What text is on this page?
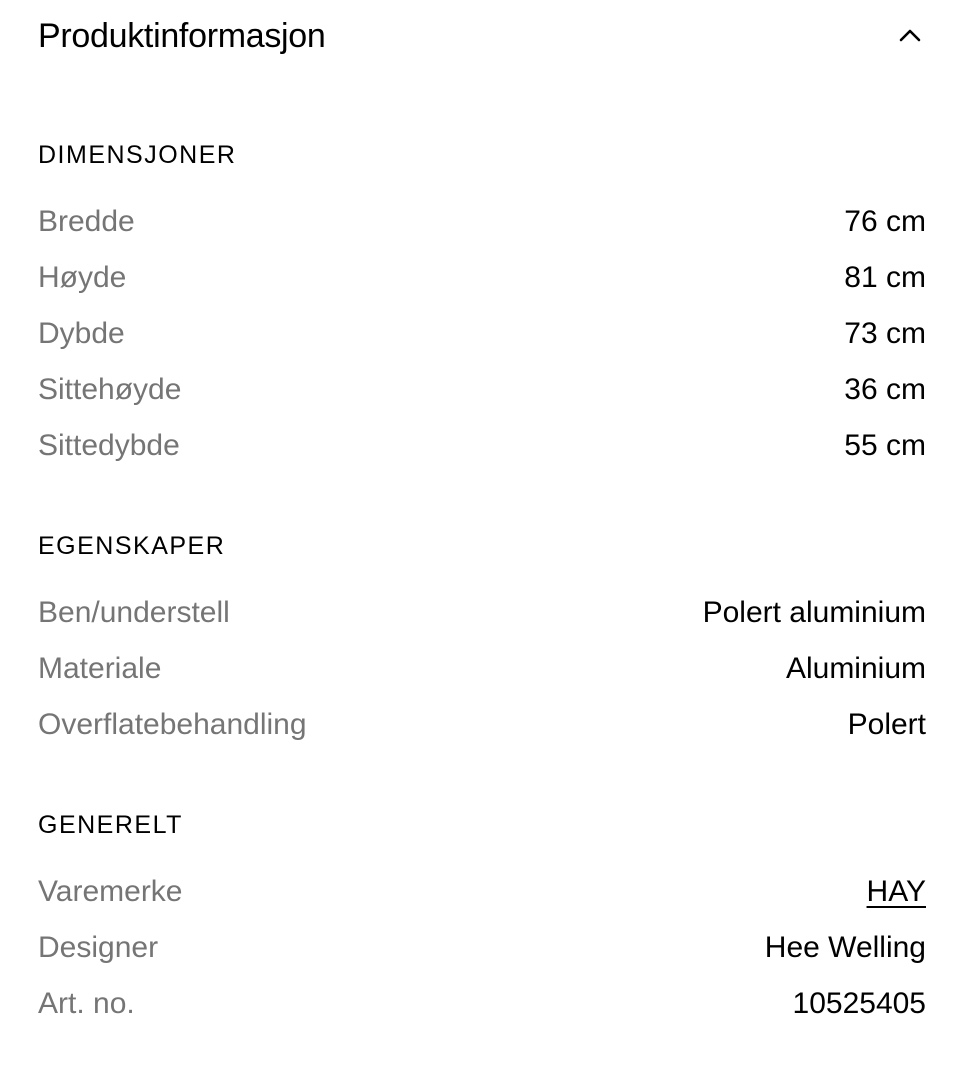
Produktinformasjon
DIMENSJONER
Bredde	76 cm
Høyde	81 cm
Dybde	73 cm
Sittehøyde	36 cm
Sittedybde	55 cm
EGENSKAPER
Ben/understell	Polert aluminium
Materiale	Aluminium
Overflatebehandling	Polert
GENERELT
Varemerke	HAY
Designer	Hee Welling
Art. no.	10525405
